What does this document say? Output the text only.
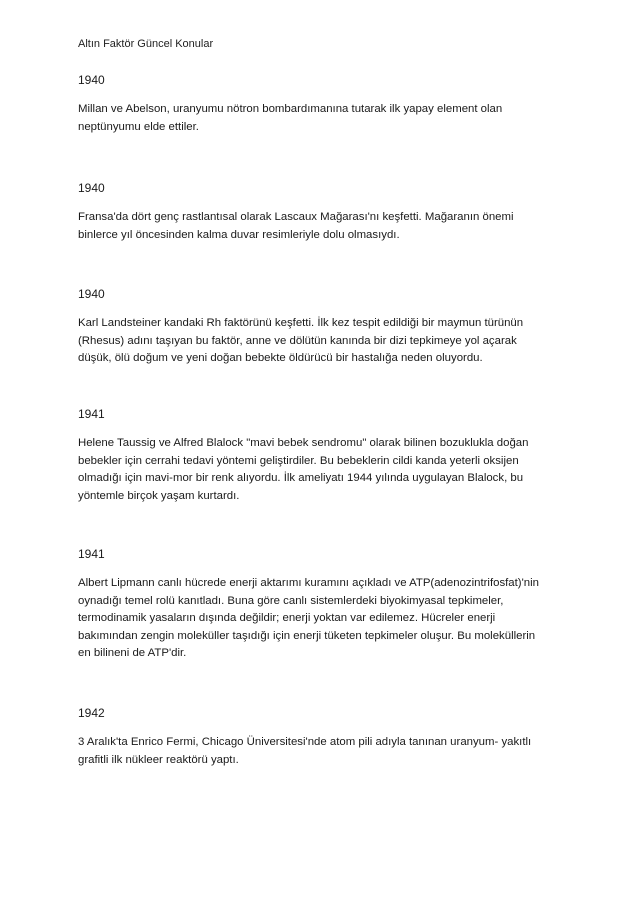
Altın Faktör Güncel Konular

1940

Millan ve Abelson, uranyumu nötron bombardımanına tutarak ilk yapay element olan
neptünyumu elde ettiler.

1940

Fransa'da dört genç rastlantısal olarak Lascaux Mağarası'nı keşfetti. Mağaranın önemi
binlerce yıl öncesinden kalma duvar resimleriyle dolu olmasıydı.

1940

Karl Landsteiner kandaki Rh faktörünü keşfetti. İlk kez tespit edildiği bir maymun türünün
(Rhesus) adını taşıyan bu faktör, anne ve dölütün kanında bir dizi tepkimeye yol açarak
düşük, ölü doğum ve yeni doğan bebekte öldürücü bir hastalığa neden oluyordu.

1941

Helene Taussig ve Alfred Blalock "mavi bebek sendromu" olarak bilinen bozuklukla doğan
bebekler için cerrahi tedavi yöntemi geliştirdiler. Bu bebeklerin cildi kanda yeterli oksijen
olmadığı için mavi-mor bir renk alıyordu. İlk ameliyatı 1944 yılında uygulayan Blalock, bu
yöntemle birçok yaşam kurtardı.

1941

Albert Lipmann canlı hücrede enerji aktarımı kuramını açıkladı ve ATP(adenozintrifosfat)'nin
oynadığı temel rolü kanıtladı. Buna göre canlı sistemlerdeki biyokimyasal tepkimeler,
termodinamik yasaların dışında değildir; enerji yoktan var edilemez. Hücreler enerji
bakımından zengin moleküller taşıdığı için enerji tüketen tepkimeler oluşur. Bu moleküllerin
en bilineni de ATP'dir.

1942

3 Aralık'ta Enrico Fermi, Chicago Üniversitesi'nde atom pili adıyla tanınan uranyum- yakıtlı
grafitli ilk nükleer reaktörü yaptı.
